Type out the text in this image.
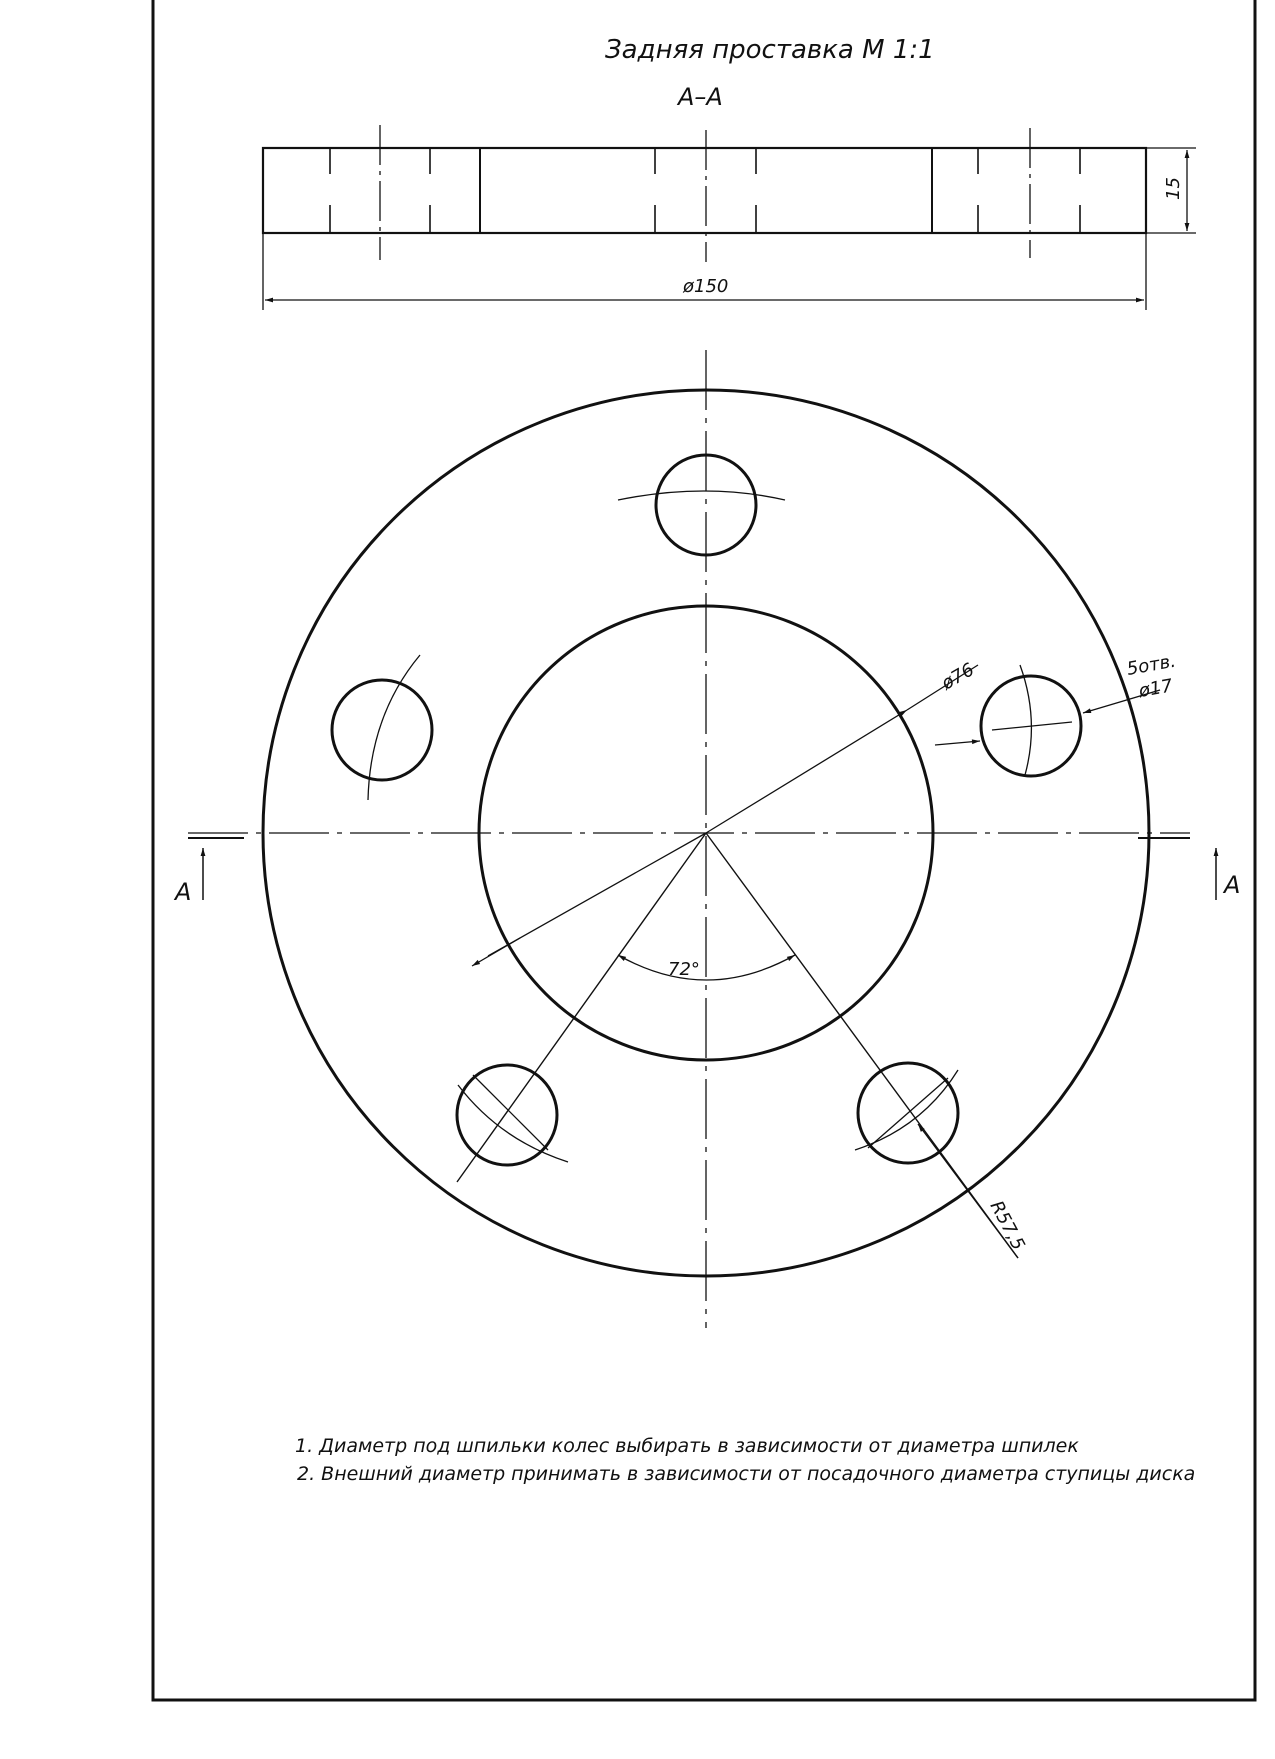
Задняя проставка М 1:1
А–А
15
ø150
72°
ø76	5отв.
ø17
R57,5
А	А
1. Диаметр под шпильки колес выбирать в зависимости от диаметра шпилек
2. Внешний диаметр принимать в зависимости от посадочного диаметра ступицы диска
